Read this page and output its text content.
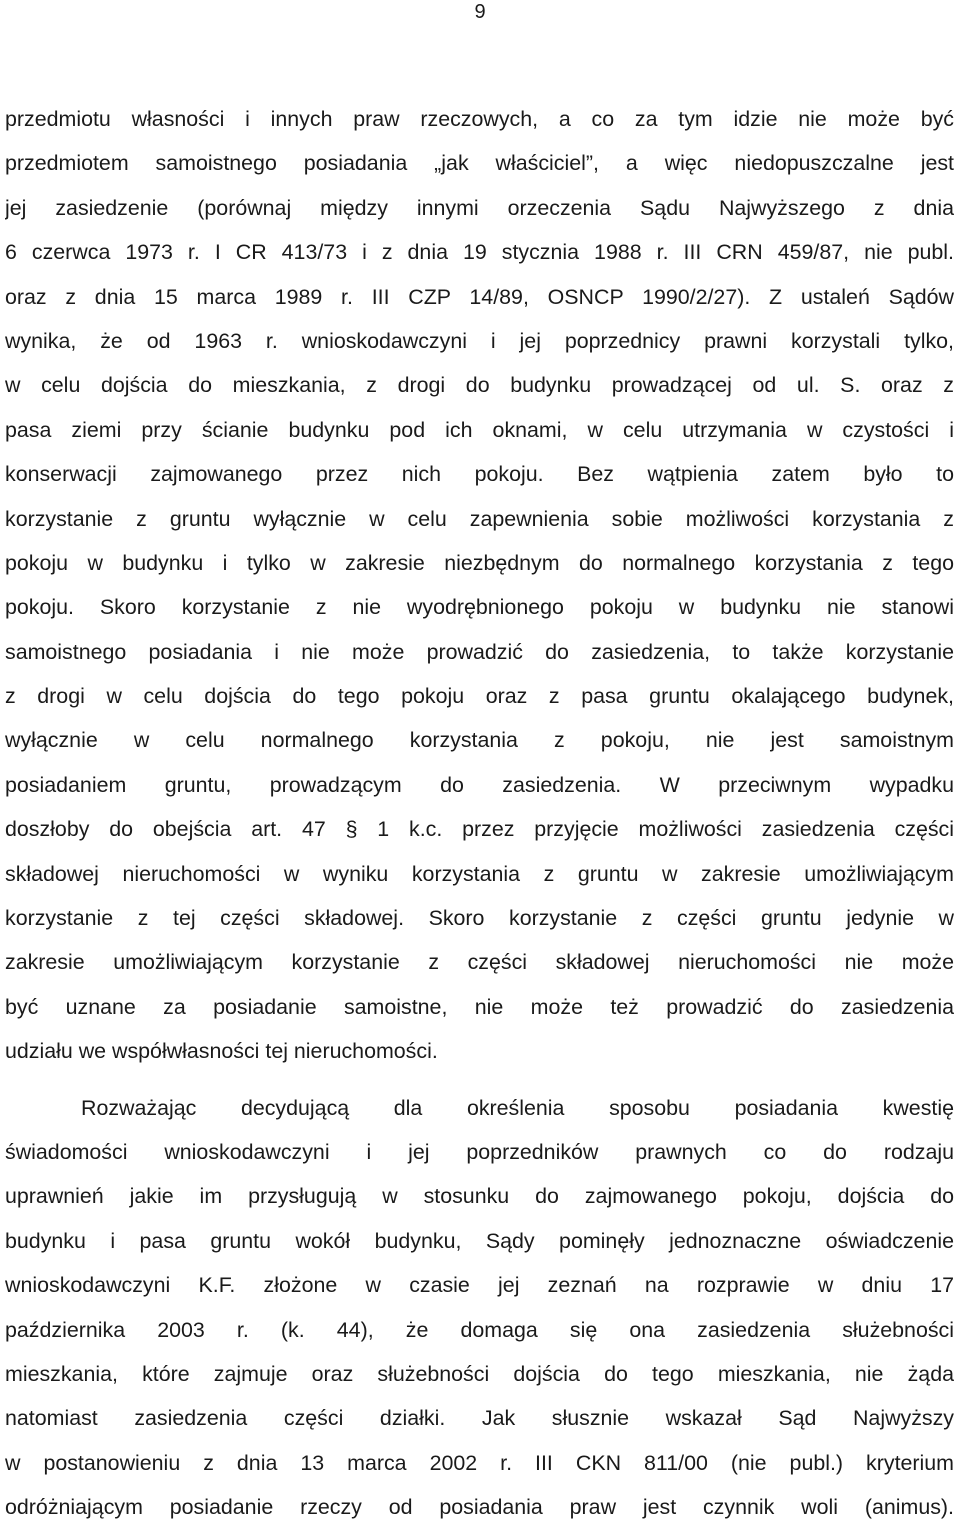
9
przedmiotu własności i innych praw rzeczowych, a co za tym idzie nie może być
przedmiotem samoistnego posiadania „jak właściciel”, a więc niedopuszczalne jest
jej zasiedzenie (porównaj między innymi orzeczenia Sądu Najwyższego z dnia
6 czerwca 1973 r. I CR 413/73 i z dnia 19 stycznia 1988 r. III CRN 459/87, nie publ.
oraz z dnia 15 marca 1989 r. III CZP 14/89, OSNCP 1990/2/27). Z ustaleń Sądów
wynika, że od 1963 r. wnioskodawczyni i jej poprzednicy prawni korzystali tylko,
w celu dojścia do mieszkania, z drogi do budynku prowadzącej od ul. S. oraz z
pasa ziemi przy ścianie budynku pod ich oknami, w celu utrzymania w czystości i
konserwacji zajmowanego przez nich pokoju. Bez wątpienia zatem było to
korzystanie z gruntu wyłącznie w celu zapewnienia sobie możliwości korzystania z
pokoju w budynku i tylko w zakresie niezbędnym do normalnego korzystania z tego
pokoju. Skoro korzystanie z nie wyodrębnionego pokoju w budynku nie stanowi
samoistnego posiadania i nie może prowadzić do zasiedzenia, to także korzystanie
z drogi w celu dojścia do tego pokoju oraz z pasa gruntu okalającego budynek,
wyłącznie w celu normalnego korzystania z pokoju, nie jest samoistnym
posiadaniem gruntu, prowadzącym do zasiedzenia. W przeciwnym wypadku
doszłoby do obejścia art. 47 § 1 k.c. przez przyjęcie możliwości zasiedzenia części
składowej nieruchomości w wyniku korzystania z gruntu w zakresie umożliwiającym
korzystanie z tej części składowej. Skoro korzystanie z części gruntu jedynie w
zakresie umożliwiającym korzystanie z części składowej nieruchomości nie może
być uznane za posiadanie samoistne, nie może też prowadzić do zasiedzenia
udziału we współwłasności tej nieruchomości.
Rozważając decydującą dla określenia sposobu posiadania kwestię
świadomości wnioskodawczyni i jej poprzedników prawnych co do rodzaju
uprawnień jakie im przysługują w stosunku do zajmowanego pokoju, dojścia do
budynku i pasa gruntu wokół budynku, Sądy pominęły jednoznaczne oświadczenie
wnioskodawczyni K.F. złożone w czasie jej zeznań na rozprawie w dniu 17
października 2003 r. (k. 44), że domaga się ona zasiedzenia służebności
mieszkania, które zajmuje oraz służebności dojścia do tego mieszkania, nie żąda
natomiast zasiedzenia części działki. Jak słusznie wskazał Sąd Najwyższy
w postanowieniu z dnia 13 marca 2002 r. III CKN 811/00 (nie publ.) kryterium
odróżniającym posiadanie rzeczy od posiadania praw jest czynnik woli (animus).
